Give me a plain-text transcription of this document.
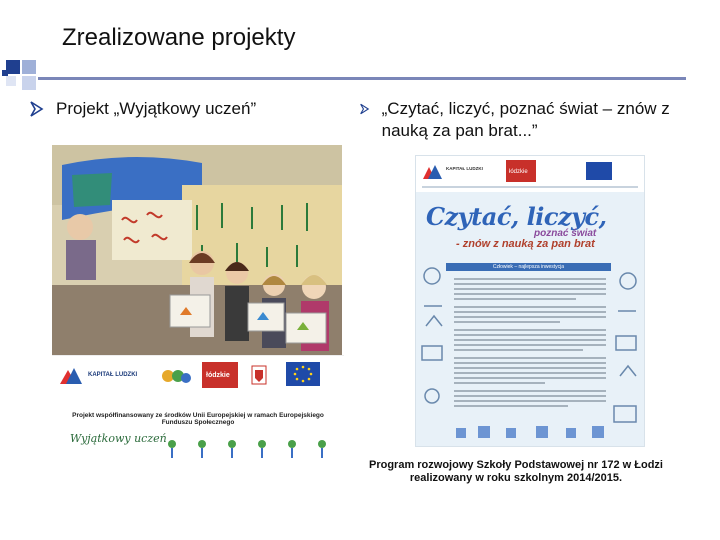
Zrealizowane projekty
Projekt „Wyjątkowy uczeń”	„Czytać, liczyć, poznać świat – znów z nauką za pan brat...”
KAPITAŁ LUDZKI	łódzkie
Projekt współfinansowany ze środków Unii Europejskiej w ramach Europejskiego Funduszu Społecznego
Wyjątkowy uczeń
KAPITAŁ LUDZKI
łódzkie
Czytać, liczyć,
poznać świat
- znów z nauką za pan brat
Człowiek – najlepsza inwestycja
Program rozwojowy Szkoły Podstawowej nr 172 w Łodzi realizowany w roku szkolnym 2014/2015.
